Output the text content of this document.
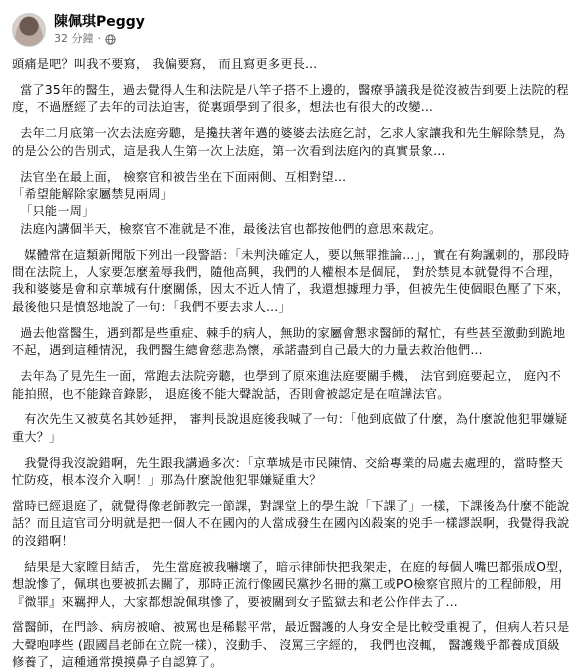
陳佩琪Peggy
32 分鐘 ·

頭痛是吧？叫我不要寫， 我偏要寫， 而且寫更多更長…

當了35年的醫生，過去覺得人生和法院是八竿子搭不上邊的，醫療爭議我是從沒被告到要上法院的程度，不過歷經了去年的司法迫害，從裏頭學到了很多，想法也有很大的改變…

去年二月底第一次去法庭旁聽，是攙扶著年邁的婆婆去法庭乞討，乞求人家讓我和先生解除禁見，為的是公公的告別式，這是我人生第一次上法庭，第一次看到法庭內的真實景象…

法官坐在最上面， 檢察官和被告坐在下面兩側、互相對望…
「希望能解除家屬禁見兩周」
「只能一周」
法庭內講個半天，檢察官不准就是不准，最後法官也都按他們的意思來裁定。

媒體常在這類新聞版下列出一段警語：「未判決確定人，要以無罪推論…」，實在有夠諷刺的，那段時間在法院上，人家要怎麼羞辱我們，隨他高興，我們的人權根本是個屁， 對於禁見本就覺得不合理，我和婆婆是會和京華城有什麼關係，因太不近人情了，我還想據理力爭，但被先生使個眼色壓了下來，最後他只是憤怒地說了一句：「我們不要去求人…」

過去他當醫生，遇到都是些重症、棘手的病人，無助的家屬會懇求醫師的幫忙，有些甚至激動到跪地不起，遇到這種情況，我們醫生總會慈悲為懷，承諾盡到自己最大的力量去救治他們…

去年為了見先生一面，常跑去法院旁聽，也學到了原來進法庭要關手機， 法官到庭要起立， 庭內不能拍照，也不能錄音錄影， 退庭後不能大聲說話，否則會被認定是在喧譁法官。

有次先生又被莫名其妙延押， 審判長說退庭後我喊了一句：「他到底做了什麼，為什麼說他犯罪嫌疑重大？」

我覺得我沒說錯啊，先生跟我講過多次：「京華城是市民陳情、交給專業的局處去處理的，當時整天忙防疫，根本沒介入啊！」那為什麼說他犯罪嫌疑重大？

當時已經退庭了，就覺得像老師教完一節課，對課堂上的學生說「下課了」一樣，下課後為什麼不能說話？而且這官司分明就是把一個人不在國內的人當成發生在國內凶殺案的兇手一樣謬誤啊，我覺得我說的沒錯啊！

結果是大家瞠目結舌， 先生當庭被我嚇壞了，暗示律師快把我架走，在庭的每個人嘴巴都張成O型，想說慘了，佩琪也要被抓去關了，那時正流行像國民黨抄名冊的黨工或PO檢察官照片的工程師般，用『微罪』來羈押人，大家都想說佩琪慘了，要被關到女子監獄去和老公作伴去了…

當醫師，在門診、病房被嗆、被罵也是稀鬆平常，最近醫護的人身安全是比較受重視了，但病人若只是大聲咆哮些 (跟國昌老師在立院一樣），沒動手、 沒罵三字經的， 我們也沒輒， 醫護幾乎都養成頂級修養了，這種通常摸摸鼻子自認算了。
